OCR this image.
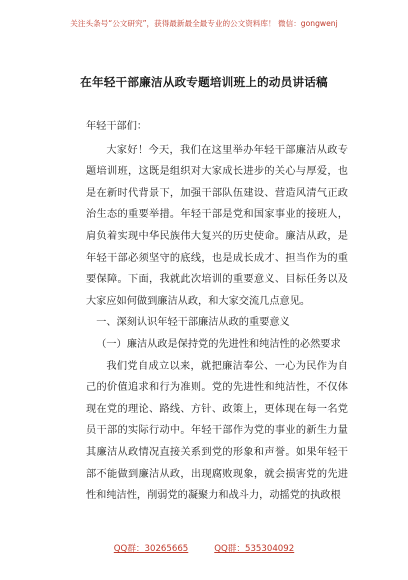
关注头条号“公文研究”，获得最新最全最专业的公文资料库！ 微信：gongwenj
在年轻干部廉洁从政专题培训班上的动员讲话稿

年轻干部们：

大家好！今天，我们在这里举办年轻干部廉洁从政专题培训班，这既是组织对大家成长进步的关心与厚爱，也是在新时代背景下，加强干部队伍建设、营造风清气正政治生态的重要举措。年轻干部是党和国家事业的接班人，肩负着实现中华民族伟大复兴的历史使命。廉洁从政，是年轻干部必须坚守的底线，也是成长成才、担当作为的重要保障。下面，我就此次培训的重要意义、目标任务以及大家应如何做到廉洁从政，和大家交流几点意见。

一、深刻认识年轻干部廉洁从政的重要意义

（一）廉洁从政是保持党的先进性和纯洁性的必然要求

我们党自成立以来，就把廉洁奉公、一心为民作为自己的价值追求和行为准则。党的先进性和纯洁性，不仅体现在党的理论、路线、方针、政策上，更体现在每一名党员干部的实际行动中。年轻干部作为党的事业的新生力量其廉洁从政情况直接关系到党的形象和声誉。如果年轻干部不能做到廉洁从政，出现腐败现象，就会损害党的先进性和纯洁性，削弱党的凝聚力和战斗力，动摇党的执政根

QQ群：30265665	QQ群：535304092
